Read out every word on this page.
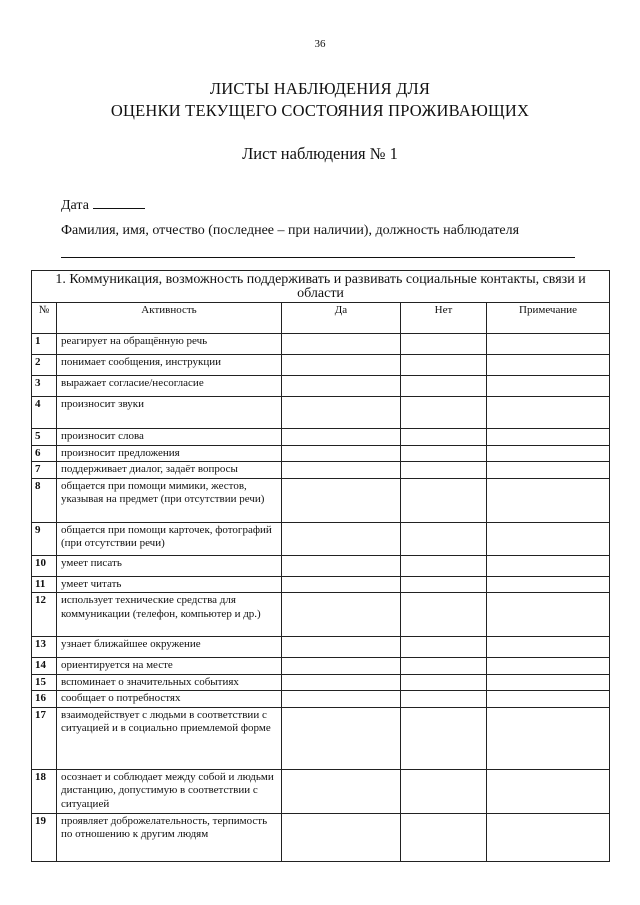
36
ЛИСТЫ НАБЛЮДЕНИЯ ДЛЯ
ОЦЕНКИ ТЕКУЩЕГО СОСТОЯНИЯ ПРОЖИВАЮЩИХ
Лист наблюдения № 1
Дата
Фамилия, имя, отчество (последнее – при наличии), должность наблюдателя
1. Коммуникация, возможность поддерживать и развивать социальные контакты, связи и области				
№	Активность	Да	Нет	Примечание
1	реагирует на обращённую речь			
2	понимает сообщения, инструкции			
3	выражает согласие/несогласие			
4	произносит звуки			
5	произносит слова			
6	произносит предложения			
7	поддерживает диалог, задаёт вопросы			
8	общается при помощи мимики, жестов, указывая на предмет (при отсутствии речи)			
9	общается при помощи карточек, фотографий (при отсутствии речи)			
10	умеет писать			
11	умеет читать			
12	использует технические средства для коммуникации (телефон, компьютер и др.)			
13	узнает ближайшее окружение			
14	ориентируется на месте			
15	вспоминает о значительных событиях			
16	сообщает о потребностях			
17	взаимодействует с людьми в соответствии с ситуацией и в социально приемлемой форме			
18	осознает и соблюдает между собой и людьми дистанцию, допустимую в соответствии с ситуацией			
19	проявляет доброжелательность, терпимость по отношению к другим людям			
